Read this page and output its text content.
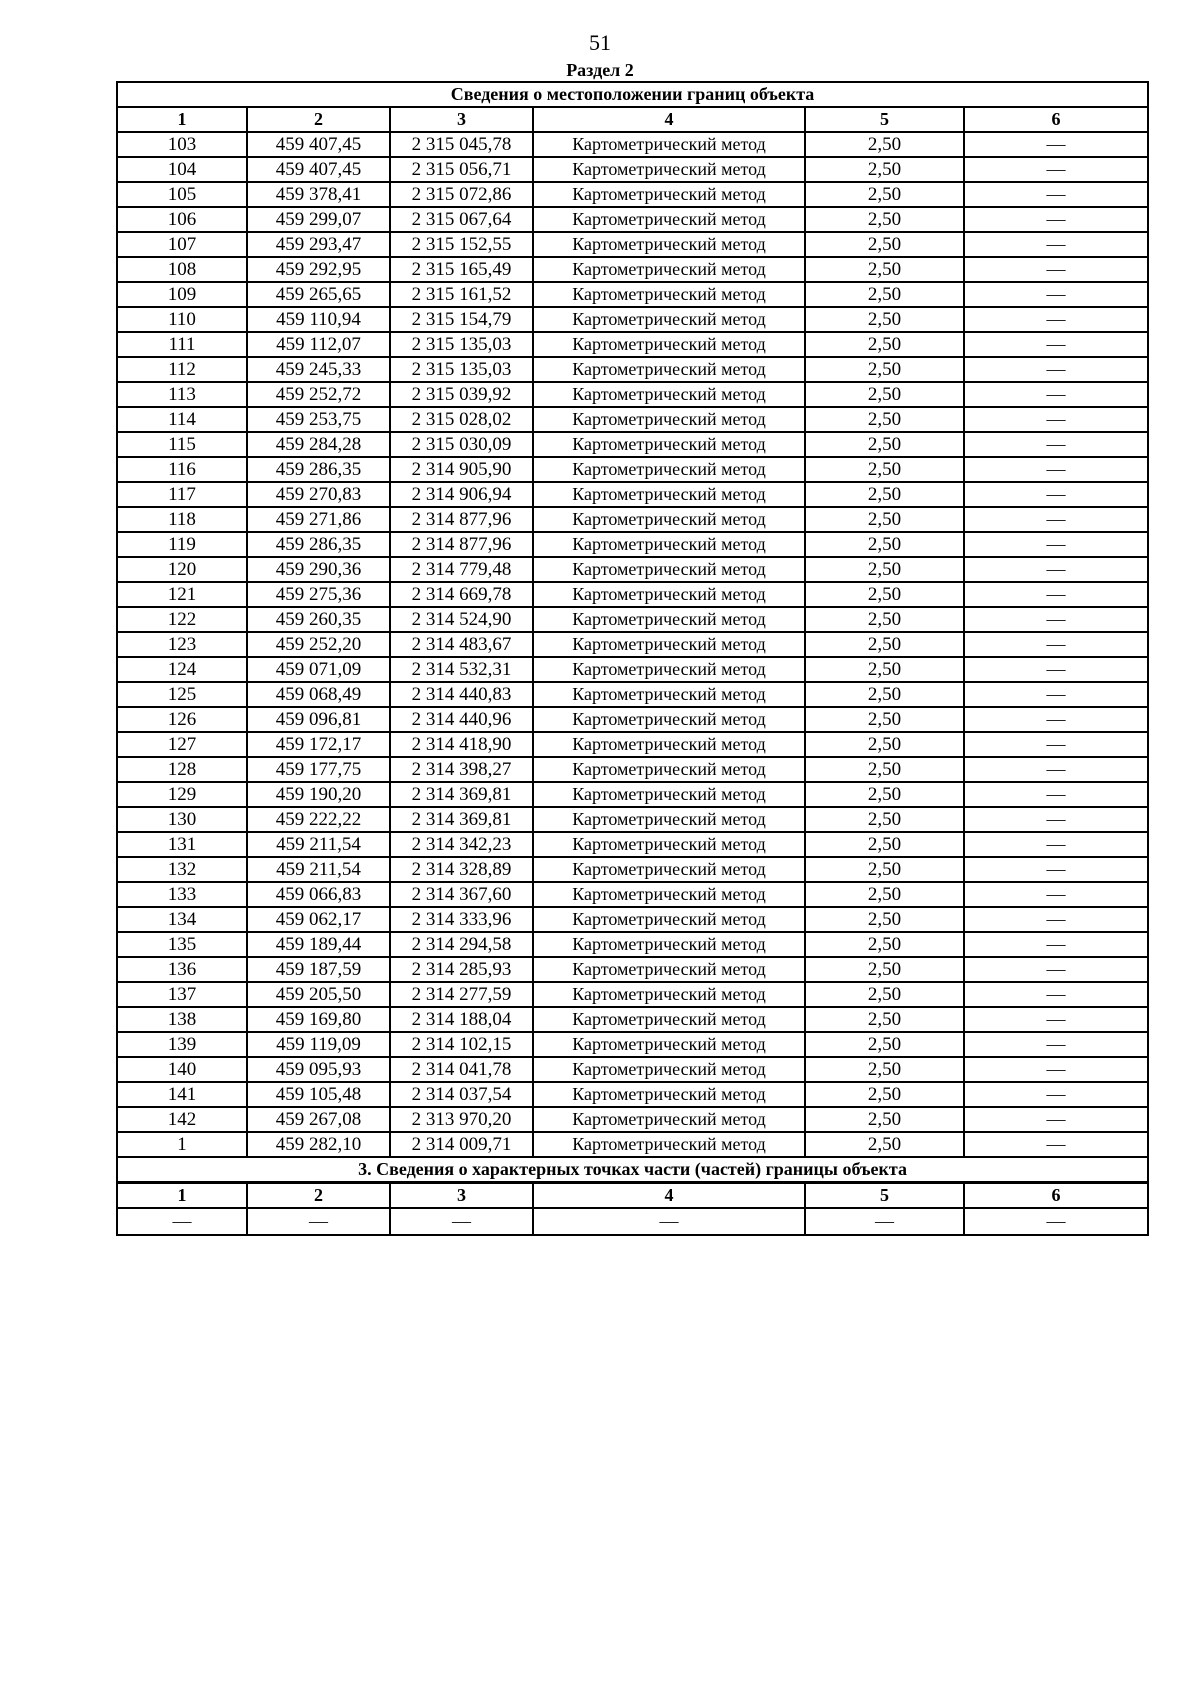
51
Раздел 2
Сведения о местоположении границ объекта					
1	2	3	4	5	6
103	459 407,45	2 315 045,78	Картометрический метод	2,50	—
104	459 407,45	2 315 056,71	Картометрический метод	2,50	—
105	459 378,41	2 315 072,86	Картометрический метод	2,50	—
106	459 299,07	2 315 067,64	Картометрический метод	2,50	—
107	459 293,47	2 315 152,55	Картометрический метод	2,50	—
108	459 292,95	2 315 165,49	Картометрический метод	2,50	—
109	459 265,65	2 315 161,52	Картометрический метод	2,50	—
110	459 110,94	2 315 154,79	Картометрический метод	2,50	—
111	459 112,07	2 315 135,03	Картометрический метод	2,50	—
112	459 245,33	2 315 135,03	Картометрический метод	2,50	—
113	459 252,72	2 315 039,92	Картометрический метод	2,50	—
114	459 253,75	2 315 028,02	Картометрический метод	2,50	—
115	459 284,28	2 315 030,09	Картометрический метод	2,50	—
116	459 286,35	2 314 905,90	Картометрический метод	2,50	—
117	459 270,83	2 314 906,94	Картометрический метод	2,50	—
118	459 271,86	2 314 877,96	Картометрический метод	2,50	—
119	459 286,35	2 314 877,96	Картометрический метод	2,50	—
120	459 290,36	2 314 779,48	Картометрический метод	2,50	—
121	459 275,36	2 314 669,78	Картометрический метод	2,50	—
122	459 260,35	2 314 524,90	Картометрический метод	2,50	—
123	459 252,20	2 314 483,67	Картометрический метод	2,50	—
124	459 071,09	2 314 532,31	Картометрический метод	2,50	—
125	459 068,49	2 314 440,83	Картометрический метод	2,50	—
126	459 096,81	2 314 440,96	Картометрический метод	2,50	—
127	459 172,17	2 314 418,90	Картометрический метод	2,50	—
128	459 177,75	2 314 398,27	Картометрический метод	2,50	—
129	459 190,20	2 314 369,81	Картометрический метод	2,50	—
130	459 222,22	2 314 369,81	Картометрический метод	2,50	—
131	459 211,54	2 314 342,23	Картометрический метод	2,50	—
132	459 211,54	2 314 328,89	Картометрический метод	2,50	—
133	459 066,83	2 314 367,60	Картометрический метод	2,50	—
134	459 062,17	2 314 333,96	Картометрический метод	2,50	—
135	459 189,44	2 314 294,58	Картометрический метод	2,50	—
136	459 187,59	2 314 285,93	Картометрический метод	2,50	—
137	459 205,50	2 314 277,59	Картометрический метод	2,50	—
138	459 169,80	2 314 188,04	Картометрический метод	2,50	—
139	459 119,09	2 314 102,15	Картометрический метод	2,50	—
140	459 095,93	2 314 041,78	Картометрический метод	2,50	—
141	459 105,48	2 314 037,54	Картометрический метод	2,50	—
142	459 267,08	2 313 970,20	Картометрический метод	2,50	—
1	459 282,10	2 314 009,71	Картометрический метод	2,50	—
3. Сведения о характерных точках части (частей) границы объекта					
1	2	3	4	5	6
—	—	—	—	—	—
